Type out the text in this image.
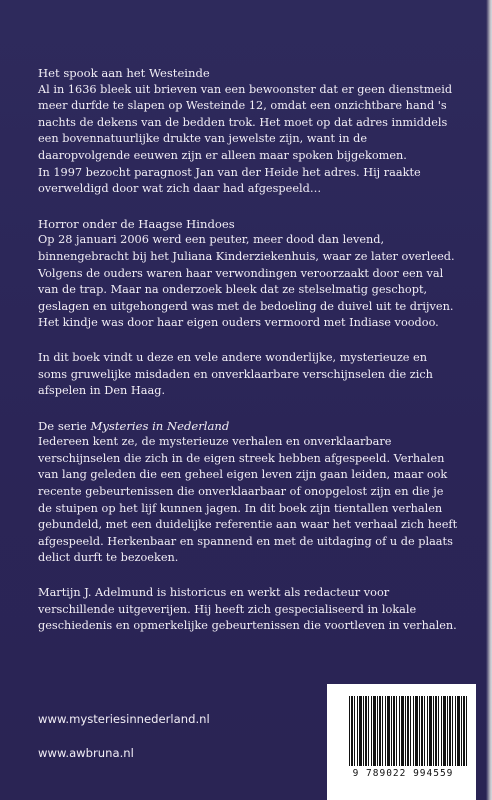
Het spook aan het Westeinde

Al in 1636 bleek uit brieven van een bewoonster dat er geen dienstmeid meer durfde te slapen op Westeinde 12, omdat een onzichtbare hand 's nachts de dekens van de bedden trok. Het moet op dat adres inmiddels een bovennatuurlijke drukte van jewelste zijn, want in de daaropvolgende eeuwen zijn er alleen maar spoken bijgekomen.

In 1997 bezocht paragnost Jan van der Heide het adres. Hij raakte overweldigd door wat zich daar had afgespeeld…

Horror onder de Haagse Hindoes

Op 28 januari 2006 werd een peuter, meer dood dan levend, binnengebracht bij het Juliana Kinderziekenhuis, waar ze later overleed. Volgens de ouders waren haar verwondingen veroorzaakt door een val van de trap. Maar na onderzoek bleek dat ze stelselmatig geschopt, geslagen en uitgehongerd was met de bedoeling de duivel uit te drijven. Het kindje was door haar eigen ouders vermoord met Indiase voodoo.

In dit boek vindt u deze en vele andere wonderlijke, mysterieuze en soms gruwelijke misdaden en onverklaarbare verschijnselen die zich afspelen in Den Haag.

De serie Mysteries in Nederland

Iedereen kent ze, de mysterieuze verhalen en onverklaarbare verschijnselen die zich in de eigen streek hebben afgespeeld. Verhalen van lang geleden die een geheel eigen leven zijn gaan leiden, maar ook recente gebeurtenissen die onverklaarbaar of onopgelost zijn en die je de stuipen op het lijf kunnen jagen. In dit boek zijn tientallen verhalen gebundeld, met een duidelijke referentie aan waar het verhaal zich heeft afgespeeld. Herkenbaar en spannend en met de uitdaging of u de plaats delict durft te bezoeken.

Martijn J. Adelmund is historicus en werkt als redacteur voor verschillende uitgeverijen. Hij heeft zich gespecialiseerd in lokale geschiedenis en opmerkelijke gebeurtenissen die voortleven in verhalen.

www.mysteriesinnederland.nl
www.awbruna.nl
9 789022 994559
